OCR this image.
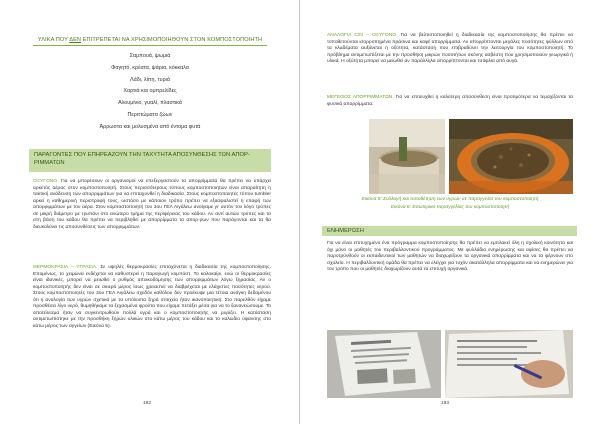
ΥΛΙΚΑ ΠΟΥ ΔΕΝ ΕΠΙΤΡΕΠΕΤΑΙ ΝΑ ΧΡΗΣΙΜΟΠΟΙΗΘΟΥΝ ΣΤΟΝ ΚΟΜΠΟΣΤΟΠΟΙΗΤΗ
Σαμπουά, ψωμιά
Φαγητό, κρέατα, ψάρια, κόκκαλα
Λάδι, λίπη, τυριά
Χαρτιά και ομπρελίδες
Αλουμίνιο, γυαλί, πλαστικά
Περιττώματα ζώων
Άρρωστα και μολυσμένα από έντομα φυτά
ΠΑΡΑΓΟΝΤΕΣ ΠΟΥ ΕΠΗΡΕΑΖΟΥΝ ΤΗΝ ΤΑΧΥΤΗΤΑ ΑΠΟΣΥΝΘΕΣΗΣ ΤΩΝ ΑΠΟΡ-ΡΙΜΜΑΤΩΝ
ΟΞΥΓΟΝΟ. Για να μπορέσουν οι οργανισμοί να επεξεργαστούν τα απορρίμματα θα πρέπει να υπάρχει αρκετός αέρας στον κομποστοποιητή. Στους περισσότερους τύπους κομποστοποιητών είναι απαραίτητη η τακτική ανάδευση των απορριμμάτων για να επιταχυνθεί η διαδικασία. Στους κομποστοποιητές τύπου tumbler αρκεί η καθημερινή περιστροφή τους, ωστόσο με κάποιον τρόπο πρέπει να εξασφαλιστεί η επαφή των απορριμμάτων με τον αέρα. Στον κομποστοποιητή του 3ου ΓΕΛ Αιγάλεω ανοίγαμε γι' αυτόν τον λόγο τρύπες σε μικρή διάμετρο με τρυπάνι στο ανώτερο τμήμα της περιφέρειας του κάδου. Αν αντί αυτών τρύπες και τα στη βάση του κάδου θα πρέπει να περιβληθεί με απορρίμματα τα απορ-ρων που παράγονται και τα θα διευκολύνει τις αποσυνθέσεις των απορριμμάτων.
ΘΕΡΜΟΚΡΑΣΙΑ – ΥΓΡΑΣΙΑ. Σε υψηλές θερμοκρασίες επιταχύνεται η διαδικασία της κομποστοποίησης. Επομένως, το χειμώνα ενδέχεται να καθυστερεί η παραγωγή κομπόστ. Το καλοκαίρι, ενώ οι θερμοκρασίες είναι ιδανικές, μπορεί να μειωθεί ο ρυθμός αποικοδόμησης των απορριμμάτων λόγω ξηρασίας. Αν ο κομποστοποιητής δεν είναι σε σκιερό μέρος ίσως χρειαστεί να διαβρέχεται με ελάχιστες ποσότητες νερού. Στους κομποστοποιητές του 3ου ΓΕΛ Αιγάλεω σχεδόν καθόλου δεν προέκυψε μια τέτοια ανάγκη δεδομένου ότι η αναλογία των υγρών σχετικά με τα υπόλοιπα ξηρά στοιχεία ήταν ικανοποιητική. Στο παρελθόν είχαμε προσθέσει λίγο νερό, θυμηθήκαμε τα ξεχασμένα φρούτα που είχαμε πετάξει μέσα για να το ξανανεώσουμε. Το αποτέλεσμα ήταν να συγκεντρωθούν πολλά υγρά και ο κομποστοποιητής να μυρίζει. Η κατάσταση αντιμετωπίστηκε με την προσθήκη ξηρών υλικών στο κάτω μέρος του κάδου και το καλώδιο ύφανσης στο κάτω μέρος των αγγείων (Εικόνα 5).
182
ΑΝΑΛΟΓΙΑ C/N – ΟΞΥΓΟΝΟ. Για να βελτιστοποιηθεί η διαδικασία της κομποστοποίησης θα πρέπει να τοποθετούνται ισορροπημένα πράσινα και καφέ απορρίμματα. Αν απορρίπτονται μεγάλες ποσότητες φύλλων από τα κλαδέματα αυξάνεται η οξύτητα, κατάσταση που επιβραδύνει την λειτουργία του κομποστοποιητή. Το πρόβλημα αντιμετωπίζεται με την προσθήκη μικρών ποσοτήτων σκόνης ασβέστη που χρησιμοποιούν γεωργικά ή υλικά. Η οξύτητα μπορεί να μειωθεί αν παράλληλα απορρίπτονται και τσόφλια από αυγά.
ΜΕΓΕΘΟΣ ΑΠΟΡΡΙΜΜΑΤΩΝ. Για να επιτευχθεί η καλύτερη αποσύνθεση είναι προτιμότερα να τεμαχίζονται τα φυσικά απορρίμματα.
Εικόνα 5: Συλλογή και τοποθέτηση των υγρών σε παραγγελία του κομποστοποιητή
Εικόνα 6: Εσωτερικό παραγγελίας του κομποστοποιητή
ΕΝΗΜΕΡΩΣΗ
Για να είναι επιτυχημένο ένα πρόγραμμα κομποστοποίησης θα πρέπει να εμπλακεί όλη η σχολική κοινότητα και όχι μόνο οι μαθητές του περιβαλλοντικού προγράμματος. Με φυλλάδια ενημέρωσης και αφίσες θα πρέπει να παροτρύνθούν οι εκπαιδευτικοί των μαθητών να διαχωρίζουν τα οργανικά απορρίμματα και να τα φέρνουν στο σχολείο. Η περιβαλλοντική ομάδα θα πρέπει να ελέγχει για τυχόν ακατάλληλα απορρίμματα και να ενημερώνει για τον τρόπο που οι μαθητές διαχωρίζουν αυτά τα επιτυχή οργανικά.
183
